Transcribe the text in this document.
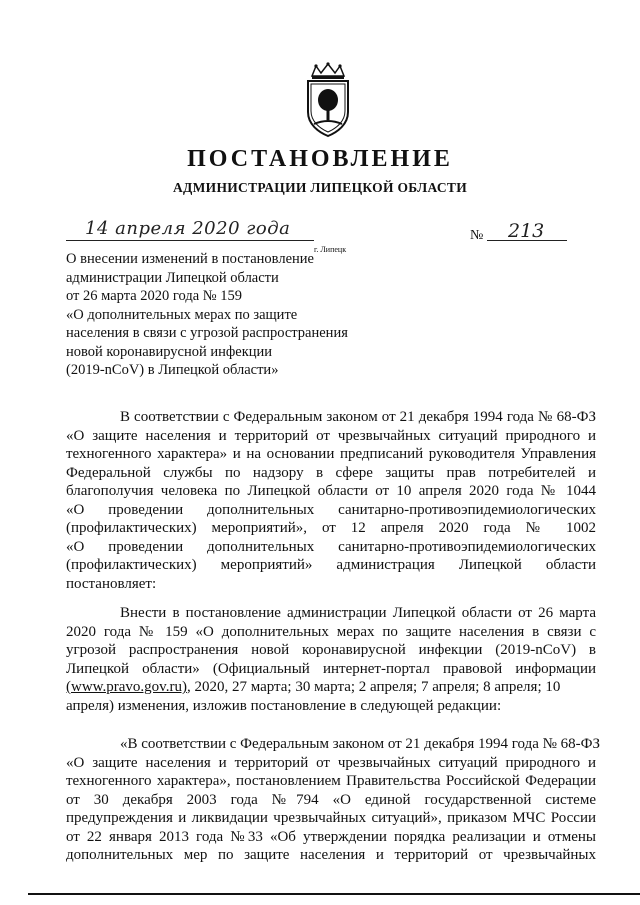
ПОСТАНОВЛЕНИЕ
АДМИНИСТРАЦИИ ЛИПЕЦКОЙ ОБЛАСТИ
14 апреля 2020 года
г. Липецк
№ 213
О внесении изменений в постановление
администрации Липецкой области
от 26 марта 2020 года № 159
«О дополнительных мерах по защите
населения в связи с угрозой распространения
новой коронавирусной инфекции
(2019-nCoV) в Липецкой области»
В соответствии с Федеральным законом от 21 декабря 1994 года № 68-ФЗ
«О защите населения и территорий от чрезвычайных ситуаций природного и
техногенного характера» и на основании предписаний руководителя Управления
Федеральной службы по надзору в сфере защиты прав потребителей и
благополучия человека по Липецкой области от 10 апреля 2020 года № 1044
«О проведении дополнительных санитарно-противоэпидемиологических
(профилактических) мероприятий», от 12 апреля 2020 года № 1002
«О проведении дополнительных санитарно-противоэпидемиологических
(профилактических) мероприятий» администрация Липецкой области
постановляет:
Внести в постановление администрации Липецкой области от 26 марта
2020 года № 159 «О дополнительных мерах по защите населения в связи с
угрозой распространения новой коронавирусной инфекции (2019-nCoV) в
Липецкой области» (Официальный интернет-портал правовой информации
(www.pravo.gov.ru), 2020, 27 марта; 30 марта; 2 апреля; 7 апреля; 8 апреля; 10
апреля) изменения, изложив постановление в следующей редакции:
«В соответствии с Федеральным законом от 21 декабря 1994 года № 68-ФЗ
«О защите населения и территорий от чрезвычайных ситуаций природного и
техногенного характера», постановлением Правительства Российской Федерации
от 30 декабря 2003 года №794 «О единой государственной системе
предупреждения и ликвидации чрезвычайных ситуаций», приказом МЧС России
от 22 января 2013 года №33 «Об утверждении порядка реализации и отмены
дополнительных мер по защите населения и территорий от чрезвычайных
